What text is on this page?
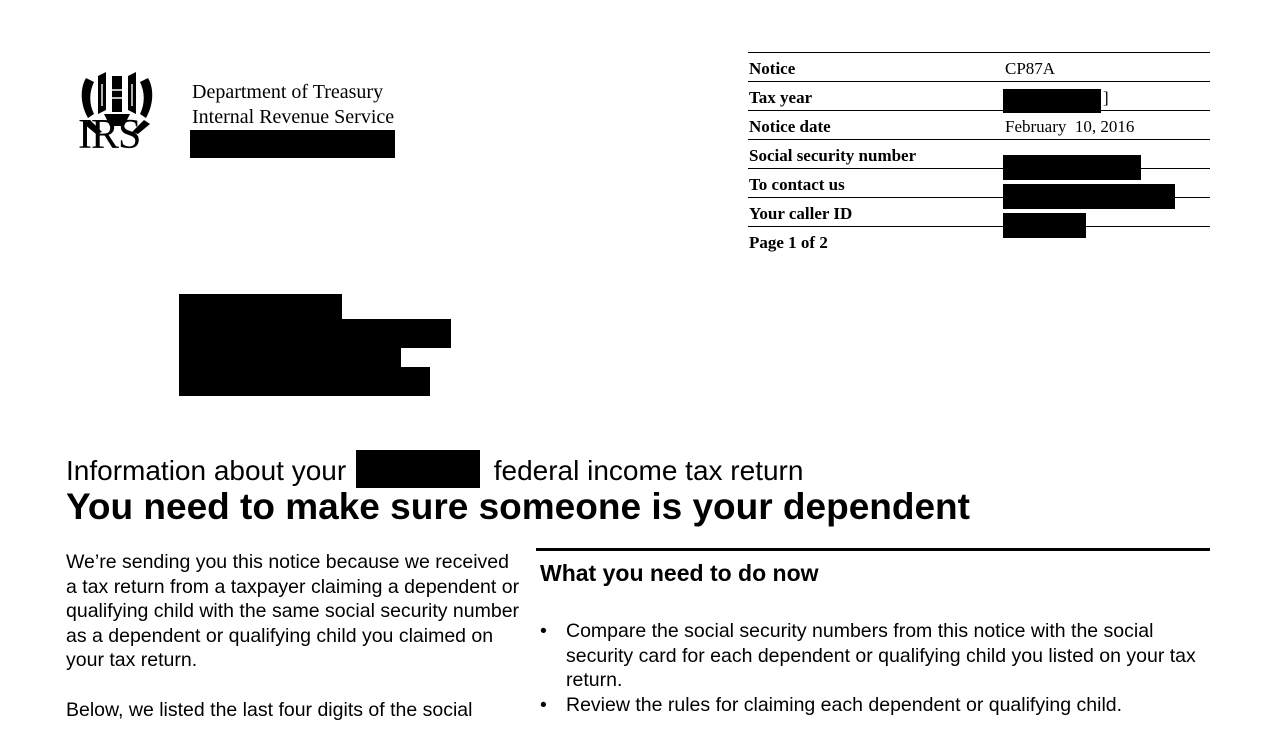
IRS
Department of Treasury
Internal Revenue Service
Notice	CP87A
Tax year	]
Notice date	February  10, 2016
Social security number
To contact us
Your caller ID
Page 1 of 2
Information about your	federal income tax return
You need to make sure someone is your dependent

We’re sending you this notice because we received a tax return from a taxpayer claiming a dependent or qualifying child with the same social security number as a dependent or qualifying child you claimed on your tax return.

Below, we listed the last four digits of the social

What you need to do now
• Compare the social security numbers from this notice with the social security card for each dependent or qualifying child you listed on your tax return.
• Review the rules for claiming each dependent or qualifying child.
